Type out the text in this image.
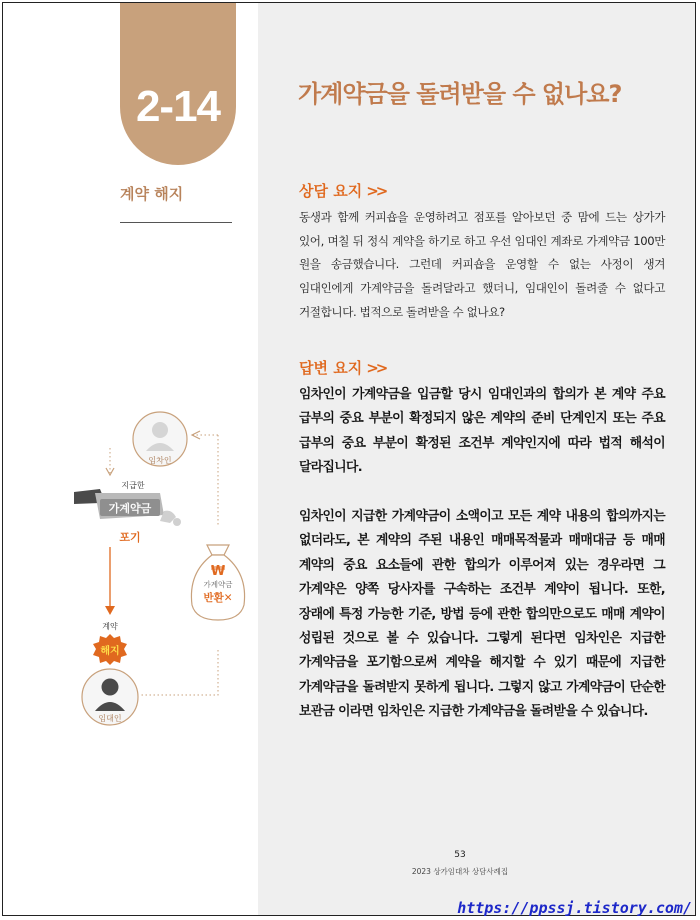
2-14
계약 해지
가계약금을 돌려받을 수 없나요?
상담 요지 >>
동생과 함께 커피숍을 운영하려고 점포를 알아보던 중 맘에 드는 상가가 있어, 며칠 뒤 정식 계약을 하기로 하고 우선 임대인 계좌로 가계약금 100만 원을 송금했습니다. 그런데 커피숍을 운영할 수 없는 사정이 생겨 임대인에게 가계약금을 돌려달라고 했더니, 임대인이 돌려줄 수 없다고 거절합니다. 법적으로 돌려받을 수 없나요?
답변 요지 >>
임차인이 가계약금을 입금할 당시 임대인과의 합의가 본 계약 주요 급부의 중요 부분이 확정되지 않은 계약의 준비 단계인지 또는 주요 급부의 중요 부분이 확정된 조건부 계약인지에 따라 법적 해석이 달라집니다.
임차인이 지급한 가계약금이 소액이고 모든 계약 내용의 합의까지는 없더라도, 본 계약의 주된 내용인 매매목적물과 매매대금 등 매매 계약의 중요 요소들에 관한 합의가 이루어져 있는 경우라면 그 가계약은 양쪽 당사자를 구속하는 조건부 계약이 됩니다. 또한, 장래에 특정 가능한 기준, 방법 등에 관한 합의만으로도 매매 계약이 성립된 것으로 볼 수 있습니다. 그렇게 된다면 임차인은 지급한 가계약금을 포기함으로써 계약을 해지할 수 있기 때문에 지급한 가계약금을 돌려받지 못하게 됩니다. 그렇지 않고 가계약금이 단순한 보관금 이라면 임차인은 지급한 가계약금을 돌려받을 수 있습니다.
임차인
지급한
가계약금
포기
계약
해지
임대인
₩
가계약금
반환✕
53
2023 상가임대차 상담사례집
https://ppssj.tistory.com/
